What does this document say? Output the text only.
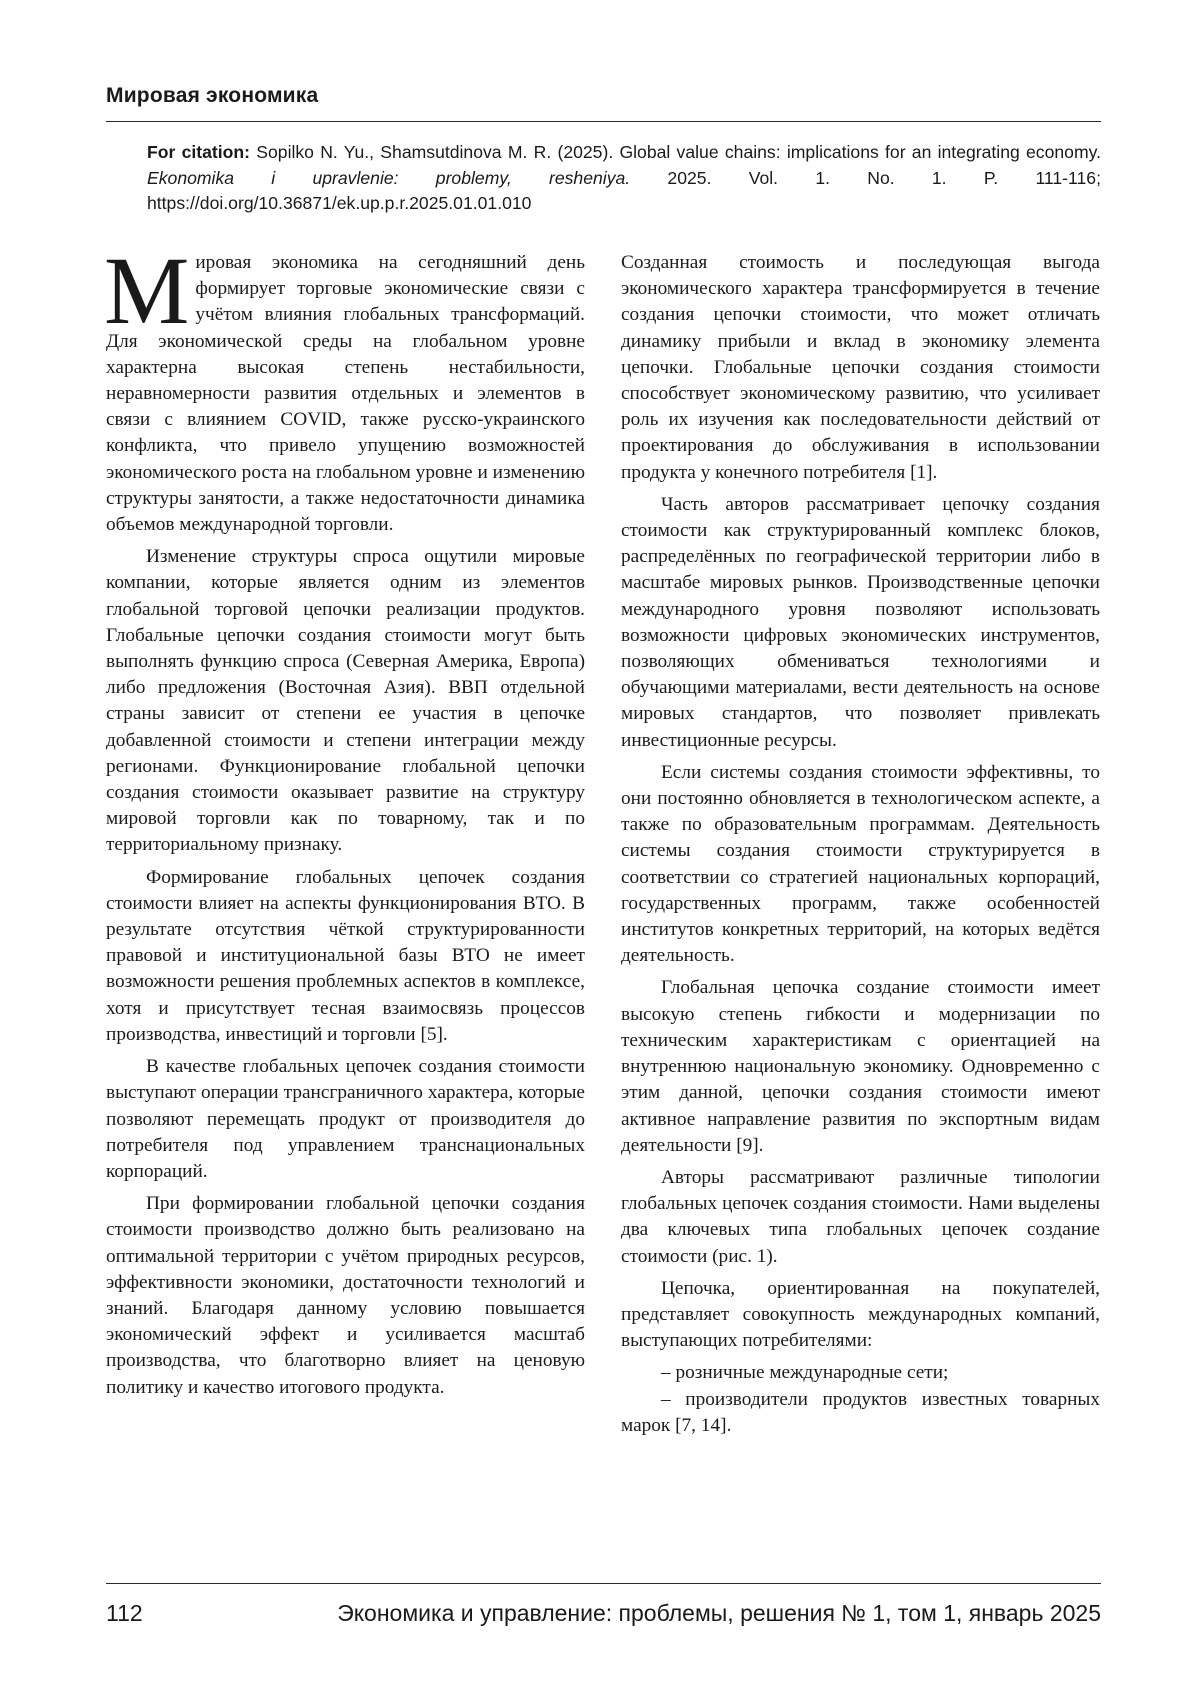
Мировая экономика
For citation: Sopilko N. Yu., Shamsutdinova M. R. (2025). Global value chains: implications for an integrating economy. Ekonomika i upravlenie: problemy, resheniya. 2025. Vol. 1. No. 1. P. 111-116; https://doi.org/10.36871/ek.up.p.r.2025.01.01.010

М ировая экономика на сегодняшний день формирует торговые экономические связи с учётом влияния глобальных трансформаций. Для экономической среды на глобальном уровне характерна высокая степень нестабильности, неравномерности развития отдельных и элементов в связи с влиянием COVID, также русско-украинского конфликта, что привело упущению возможностей экономического роста на глобальном уровне и изменению структуры занятости, а также недостаточности динамика объемов международной торговли.

Изменение структуры спроса ощутили мировые компании, которые является одним из элементов глобальной торговой цепочки реализации продуктов. Глобальные цепочки создания стоимости могут быть выполнять функцию спроса (Северная Америка, Европа) либо предложения (Восточная Азия). ВВП отдельной страны зависит от степени ее участия в цепочке добавленной стоимости и степени интеграции между регионами. Функционирование глобальной цепочки создания стоимости оказывает развитие на структуру мировой торговли как по товарному, так и по территориальному признаку.

Формирование глобальных цепочек создания стоимости влияет на аспекты функционирования ВТО. В результате отсутствия чёткой структурированности правовой и институциональной базы ВТО не имеет возможности решения проблемных аспектов в комплексе, хотя и присутствует тесная взаимосвязь процессов производства, инвестиций и торговли [5].

В качестве глобальных цепочек создания стоимости выступают операции трансграничного характера, которые позволяют перемещать продукт от производителя до потребителя под управлением транснациональных корпораций.

При формировании глобальной цепочки создания стоимости производство должно быть реализовано на оптимальной территории с учётом природных ресурсов, эффективности экономики, достаточности технологий и знаний. Благодаря данному условию повышается экономический эффект и усиливается масштаб производства, что благотворно влияет на ценовую политику и качество итогового продукта.

Созданная стоимость и последующая выгода экономического характера трансформируется в течение создания цепочки стоимости, что может отличать динамику прибыли и вклад в экономику элемента цепочки. Глобальные цепочки создания стоимости способствует экономическому развитию, что усиливает роль их изучения как последовательности действий от проектирования до обслуживания в использовании продукта у конечного потребителя [1].

Часть авторов рассматривает цепочку создания стоимости как структурированный комплекс блоков, распределённых по географической территории либо в масштабе мировых рынков. Производственные цепочки международного уровня позволяют использовать возможности цифровых экономических инструментов, позволяющих обмениваться технологиями и обучающими материалами, вести деятельность на основе мировых стандартов, что позволяет привлекать инвестиционные ресурсы.

Если системы создания стоимости эффективны, то они постоянно обновляется в технологическом аспекте, а также по образовательным программам. Деятельность системы создания стоимости структурируется в соответствии со стратегией национальных корпораций, государственных программ, также особенностей институтов конкретных территорий, на которых ведётся деятельность.

Глобальная цепочка создание стоимости имеет высокую степень гибкости и модернизации по техническим характеристикам с ориентацией на внутреннюю национальную экономику. Одновременно с этим данной, цепочки создания стоимости имеют активное направление развития по экспортным видам деятельности [9].

Авторы рассматривают различные типологии глобальных цепочек создания стоимости. Нами выделены два ключевых типа глобальных цепочек создание стоимости (рис. 1).

Цепочка, ориентированная на покупателей, представляет совокупность международных компаний, выступающих потребителями:

– розничные международные сети;

– производители продуктов известных товарных марок [7, 14].

112	Экономика и управление: проблемы, решения № 1, том 1, январь 2025
